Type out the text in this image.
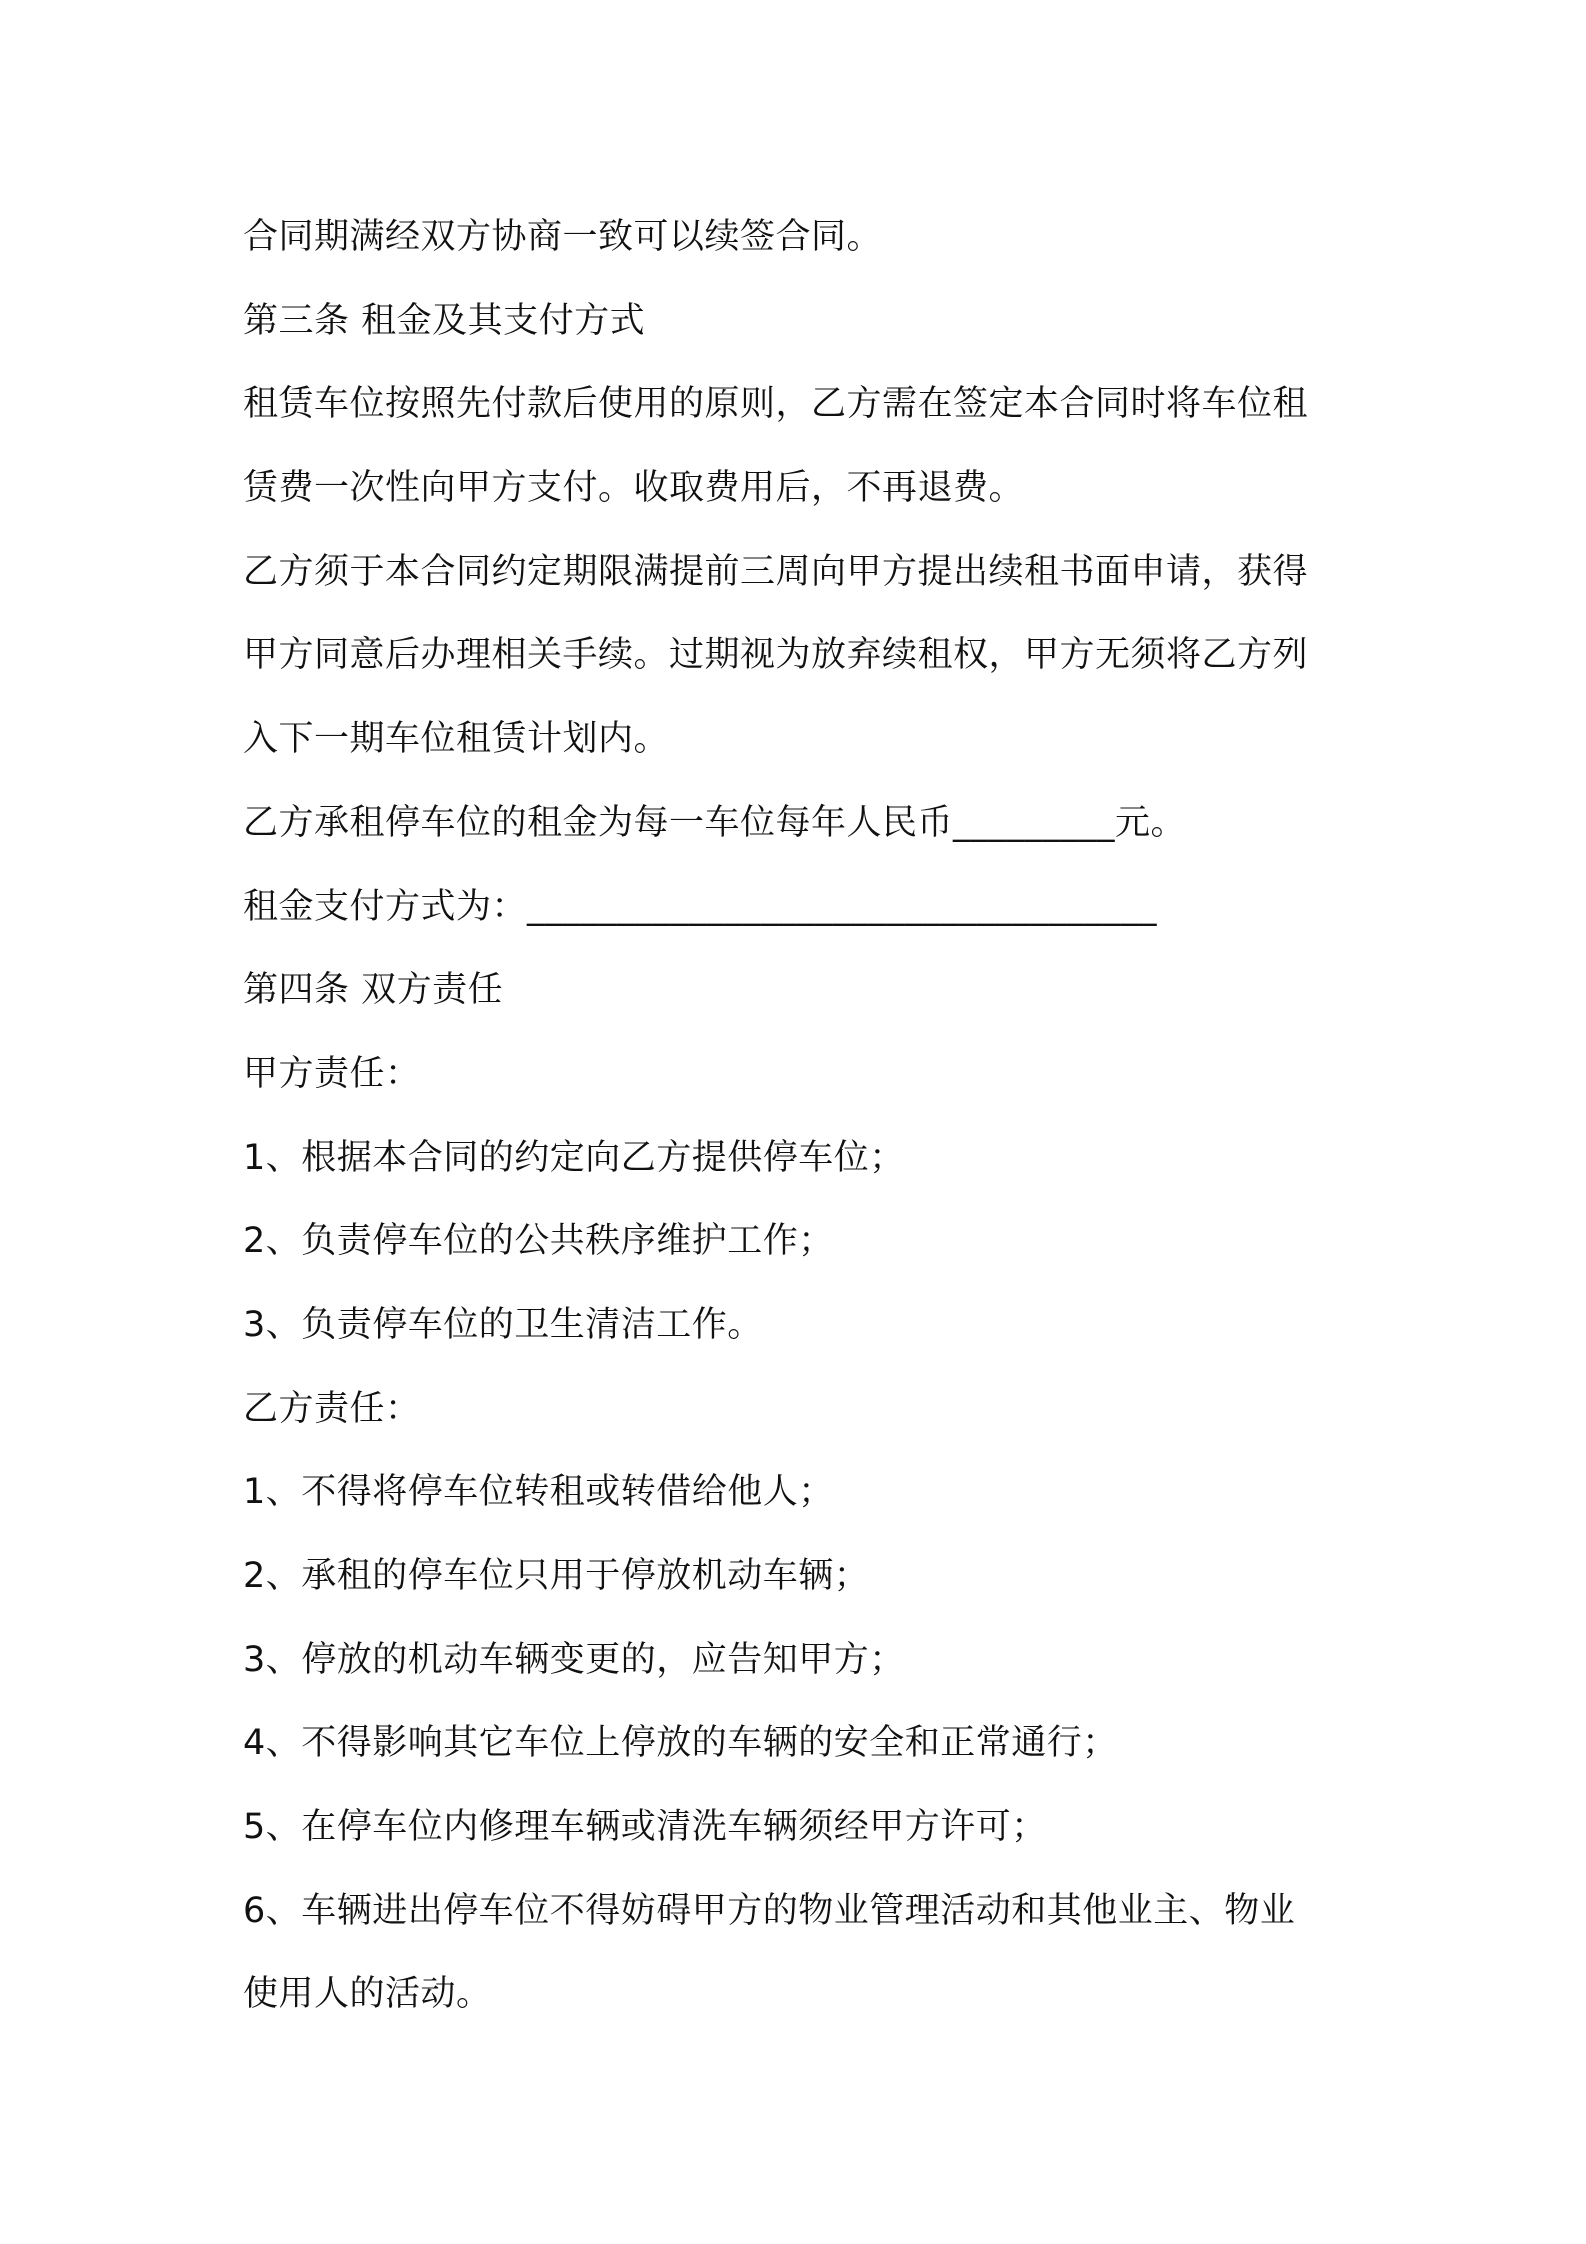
合同期满经双方协商一致可以续签合同。
第三条 租金及其支付方式
租赁车位按照先付款后使用的原则，乙方需在签定本合同时将车位租
赁费一次性向甲方支付。收取费用后，不再退费。
乙方须于本合同约定期限满提前三周向甲方提出续租书面申请，获得
甲方同意后办理相关手续。过期视为放弃续租权，甲方无须将乙方列
入下一期车位租赁计划内。
乙方承租停车位的租金为每一车位每年人民币_________元。
租金支付方式为：___________________________________
第四条 双方责任
甲方责任：
1、根据本合同的约定向乙方提供停车位；
2、负责停车位的公共秩序维护工作；
3、负责停车位的卫生清洁工作。
乙方责任：
1、不得将停车位转租或转借给他人；
2、承租的停车位只用于停放机动车辆；
3、停放的机动车辆变更的，应告知甲方；
4、不得影响其它车位上停放的车辆的安全和正常通行；
5、在停车位内修理车辆或清洗车辆须经甲方许可；
6、车辆进出停车位不得妨碍甲方的物业管理活动和其他业主、物业
使用人的活动。
